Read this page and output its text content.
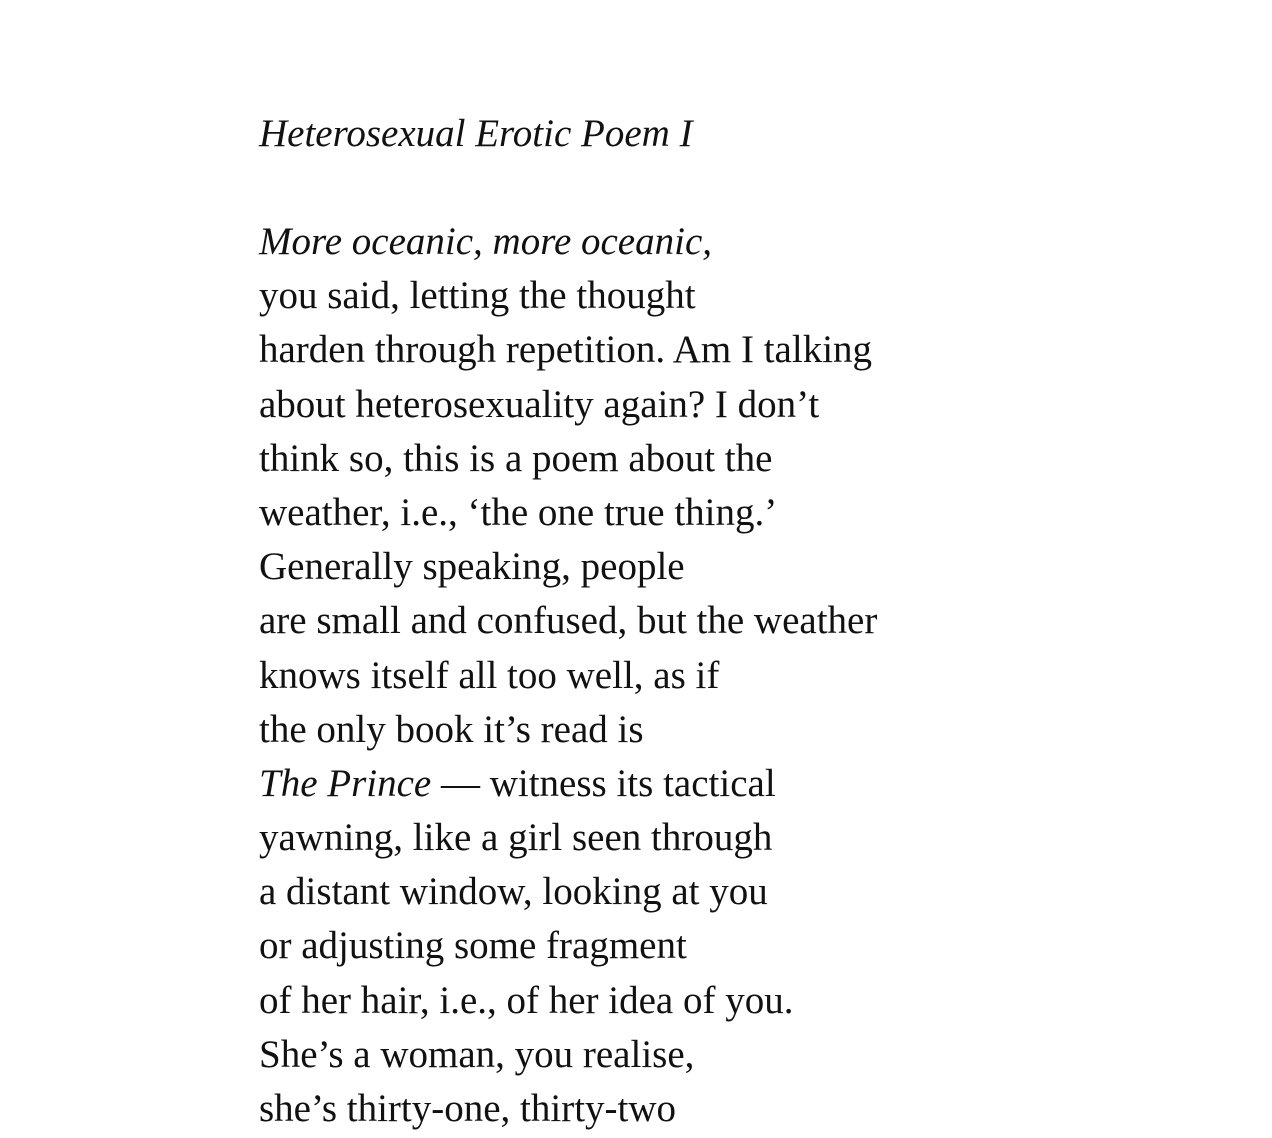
Heterosexual Erotic Poem I
More oceanic, more oceanic,
you said, letting the thought
harden through repetition. Am I talking
about heterosexuality again? I don’t
think so, this is a poem about the
weather, i.e., ‘the one true thing.’
Generally speaking, people
are small and confused, but the weather
knows itself all too well, as if
the only book it’s read is
The Prince — witness its tactical
yawning, like a girl seen through
a distant window, looking at you
or adjusting some fragment
of her hair, i.e., of her idea of you.
She’s a woman, you realise,
she’s thirty-one, thirty-two
